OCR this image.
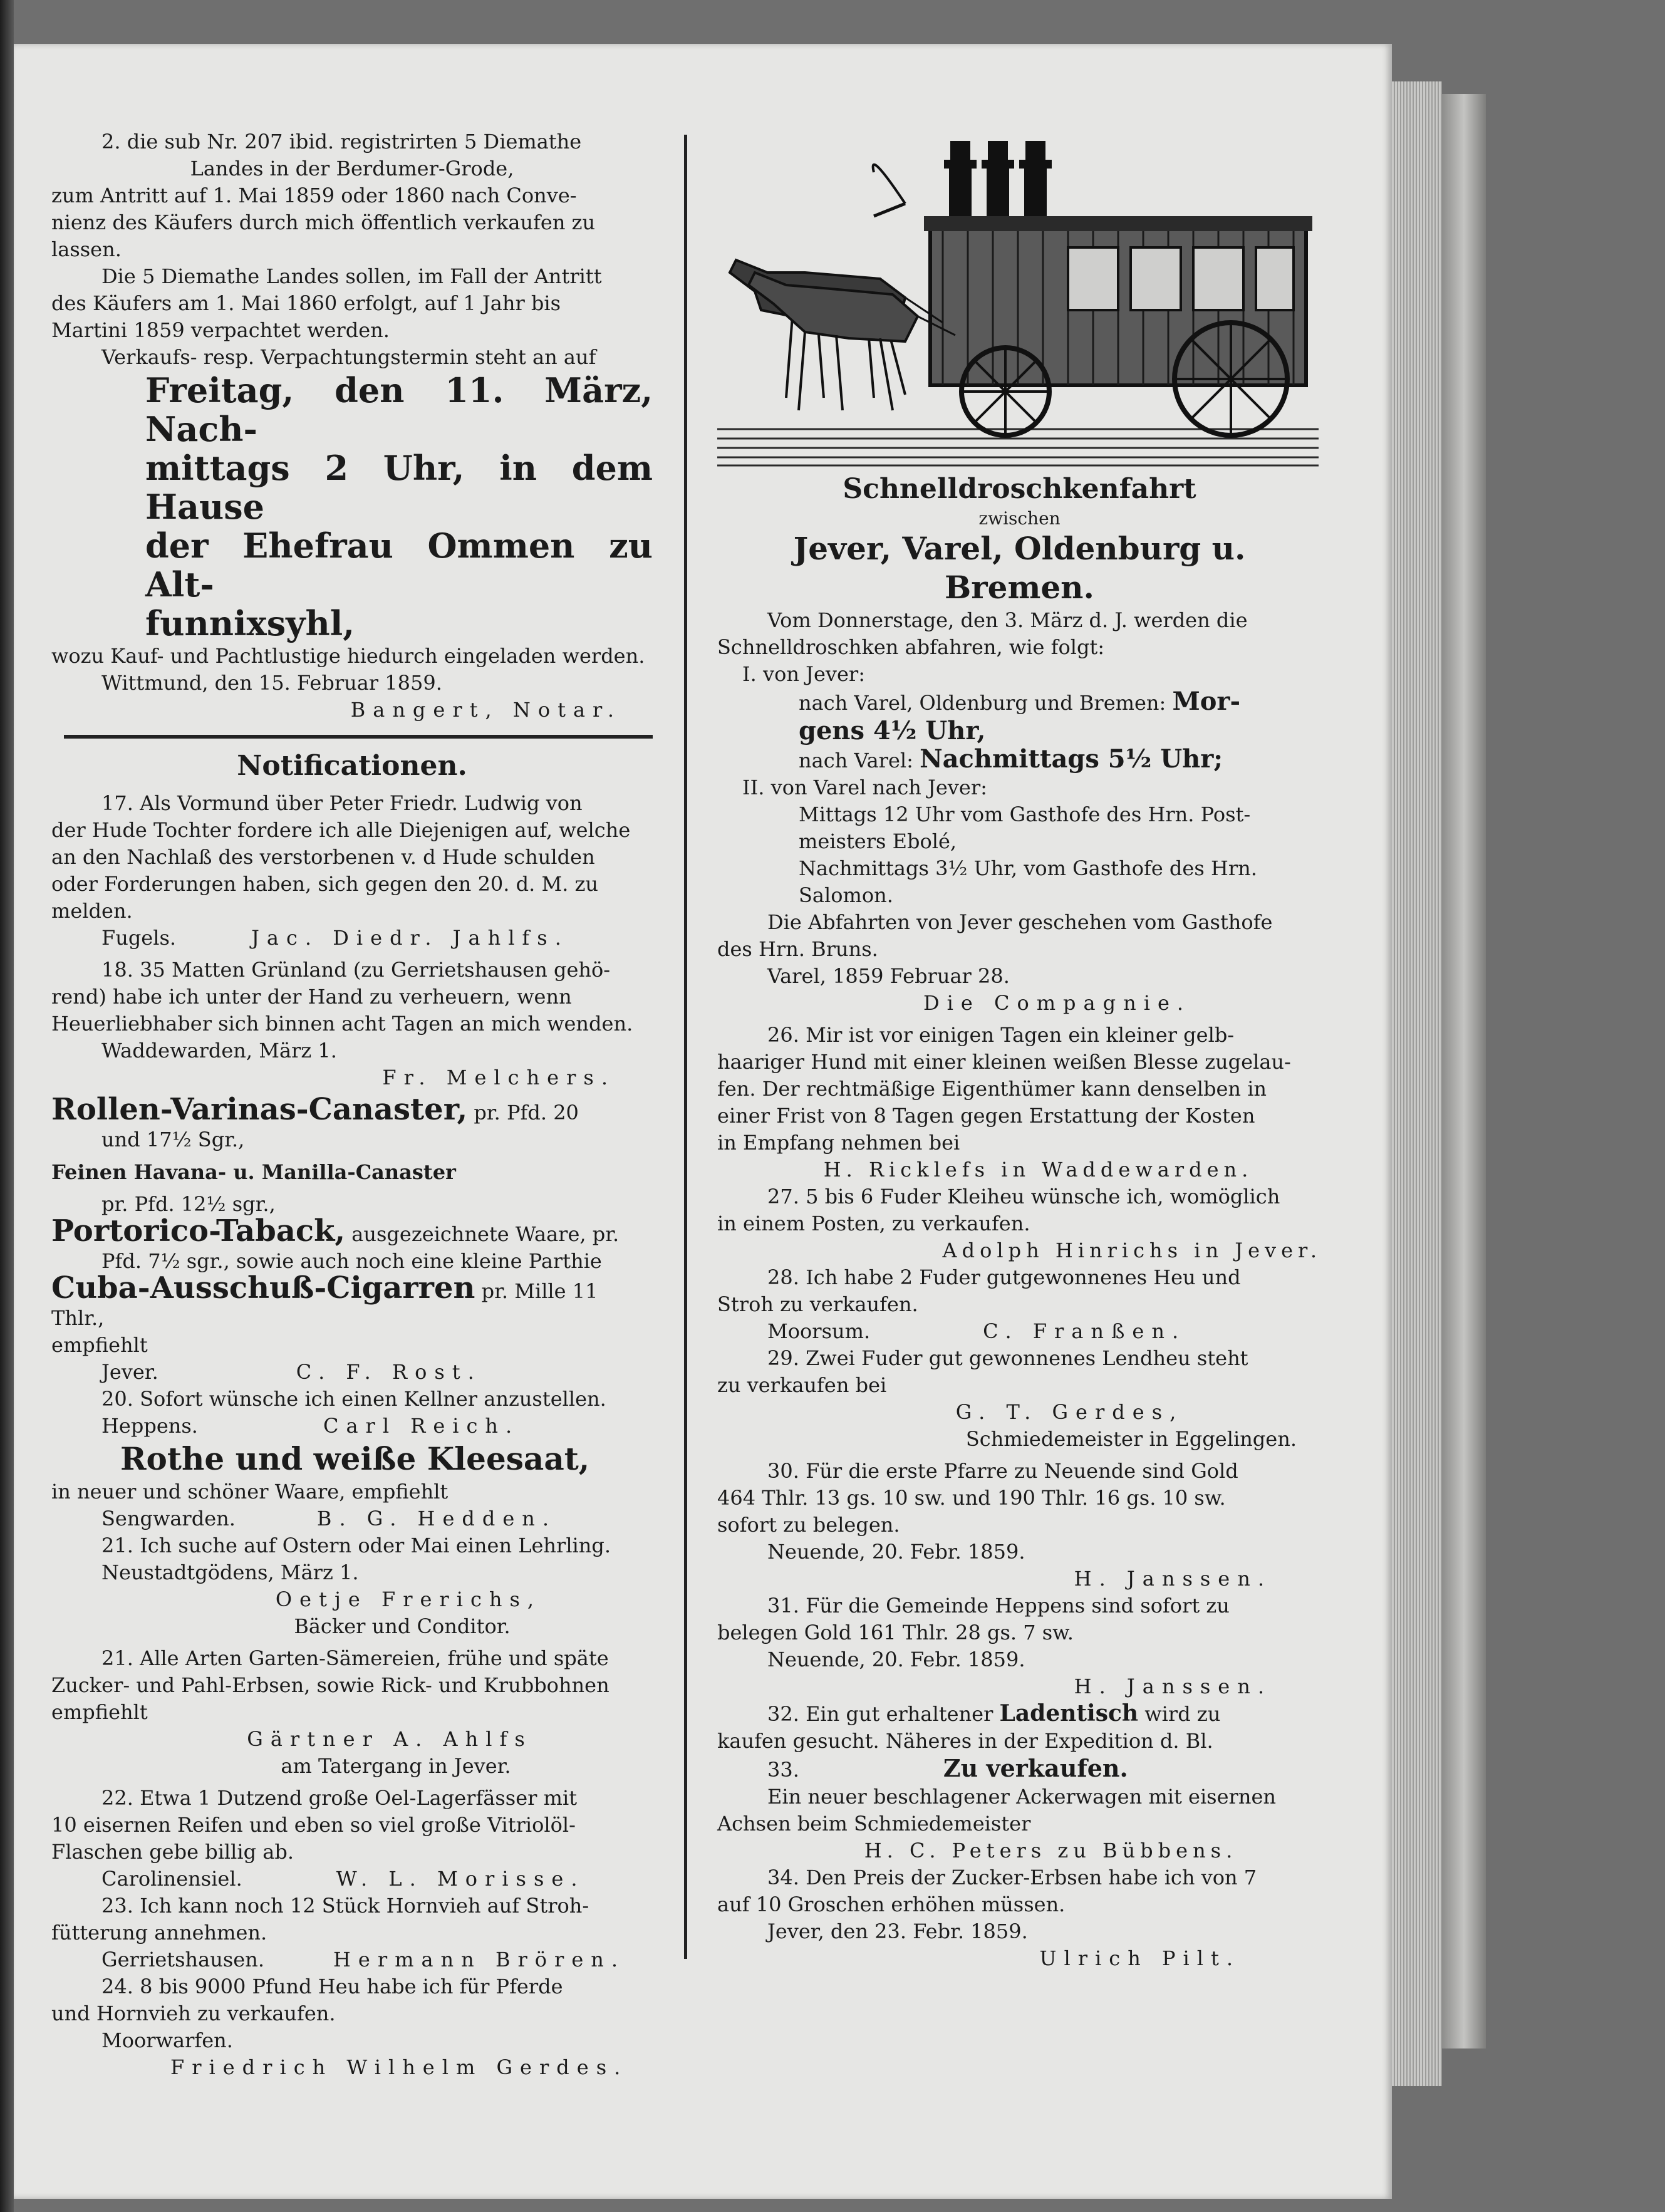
2. die sub Nr. 207 ibid. registrirten 5 Diemathe

Landes in der Berdumer-Grode,

zum Antritt auf 1. Mai 1859 oder 1860 nach Conve-

nienz des Käufers durch mich öffentlich verkaufen zu

lassen.

Die 5 Diemathe Landes sollen, im Fall der Antritt

des Käufers am 1. Mai 1860 erfolgt, auf 1 Jahr bis

Martini 1859 verpachtet werden.

Verkaufs- resp. Verpachtungstermin steht an auf

Freitag, den 11. März, Nach-

mittags 2 Uhr, in dem Hause

der Ehefrau Ommen zu Alt-

funnixsyhl,

wozu Kauf- und Pachtlustige hiedurch eingeladen werden.

Wittmund, den 15. Februar 1859.

Bangert, Notar.

Notificationen.

17. Als Vormund über Peter Friedr. Ludwig von

der Hude Tochter fordere ich alle Diejenigen auf, welche

an den Nachlaß des verstorbenen v. d Hude schulden

oder Forderungen haben, sich gegen den 20. d. M. zu

melden.

Fugels.	Jac. Diedr. Jahlfs.

18. 35 Matten Grünland (zu Gerrietshausen gehö-

rend) habe ich unter der Hand zu verheuern, wenn

Heuerliebhaber sich binnen acht Tagen an mich wenden.

Waddewarden, März 1.

Fr. Melchers.

Rollen-Varinas-Canaster, pr. Pfd. 20

und 17½ Sgr.,

Feinen Havana- u. Manilla-Canaster

pr. Pfd. 12½ sgr.,

Portorico-Taback, ausgezeichnete Waare, pr.

Pfd. 7½ sgr., sowie auch noch eine kleine Parthie

Cuba-Ausschuß-Cigarren pr. Mille 11 Thlr.,

empfiehlt

Jever.	C. F. Rost.

20. Sofort wünsche ich einen Kellner anzustellen.

Heppens.	Carl Reich.

Rothe und weiße Kleesaat,

in neuer und schöner Waare, empfiehlt

Sengwarden.	B. G. Hedden.

21. Ich suche auf Ostern oder Mai einen Lehrling.

Neustadtgödens, März 1.

Oetje Frerichs,

Bäcker und Conditor.

21. Alle Arten Garten-Sämereien, frühe und späte

Zucker- und Pahl-Erbsen, sowie Rick- und Krubbohnen

empfiehlt

Gärtner A. Ahlfs

am Tatergang in Jever.

22. Etwa 1 Dutzend große Oel-Lagerfässer mit

10 eisernen Reifen und eben so viel große Vitriolöl-

Flaschen gebe billig ab.

Carolinensiel.	W. L. Morisse.

23. Ich kann noch 12 Stück Hornvieh auf Stroh-

fütterung annehmen.

Gerrietshausen.	Hermann Brören.

24. 8 bis 9000 Pfund Heu habe ich für Pferde

und Hornvieh zu verkaufen.

Moorwarfen.

Friedrich Wilhelm Gerdes.

Schnelldroschkenfahrt

zwischen

Jever, Varel, Oldenburg u. Bremen.

Vom Donnerstage, den 3. März d. J. werden die

Schnelldroschken abfahren, wie folgt:

I. von Jever:

nach Varel, Oldenburg und Bremen: Mor-

gens 4½ Uhr,

nach Varel: Nachmittags 5½ Uhr;

II. von Varel nach Jever:

Mittags 12 Uhr vom Gasthofe des Hrn. Post-

meisters Ebolé,

Nachmittags 3½ Uhr, vom Gasthofe des Hrn.

Salomon.

Die Abfahrten von Jever geschehen vom Gasthofe

des Hrn. Bruns.

Varel, 1859 Februar 28.

Die Compagnie.

26. Mir ist vor einigen Tagen ein kleiner gelb-

haariger Hund mit einer kleinen weißen Blesse zugelau-

fen. Der rechtmäßige Eigenthümer kann denselben in

einer Frist von 8 Tagen gegen Erstattung der Kosten

in Empfang nehmen bei

H. Ricklefs in Waddewarden.

27. 5 bis 6 Fuder Kleiheu wünsche ich, womöglich

in einem Posten, zu verkaufen.

Adolph Hinrichs in Jever.

28. Ich habe 2 Fuder gutgewonnenes Heu und

Stroh zu verkaufen.

Moorsum.	C. Franßen.

29. Zwei Fuder gut gewonnenes Lendheu steht

zu verkaufen bei

G. T. Gerdes,

Schmiedemeister in Eggelingen.

30. Für die erste Pfarre zu Neuende sind Gold

464 Thlr. 13 gs. 10 sw. und 190 Thlr. 16 gs. 10 sw.

sofort zu belegen.

Neuende, 20. Febr. 1859.

H. Janssen.

31. Für die Gemeinde Heppens sind sofort zu

belegen Gold 161 Thlr. 28 gs. 7 sw.

Neuende, 20. Febr. 1859.

H. Janssen.

32. Ein gut erhaltener Ladentisch wird zu

kaufen gesucht. Näheres in der Expedition d. Bl.

33.	Zu verkaufen.

Ein neuer beschlagener Ackerwagen mit eisernen

Achsen beim Schmiedemeister

H. C. Peters zu Bübbens.

34. Den Preis der Zucker-Erbsen habe ich von 7

auf 10 Groschen erhöhen müssen.

Jever, den 23. Febr. 1859.

Ulrich Pilt.
